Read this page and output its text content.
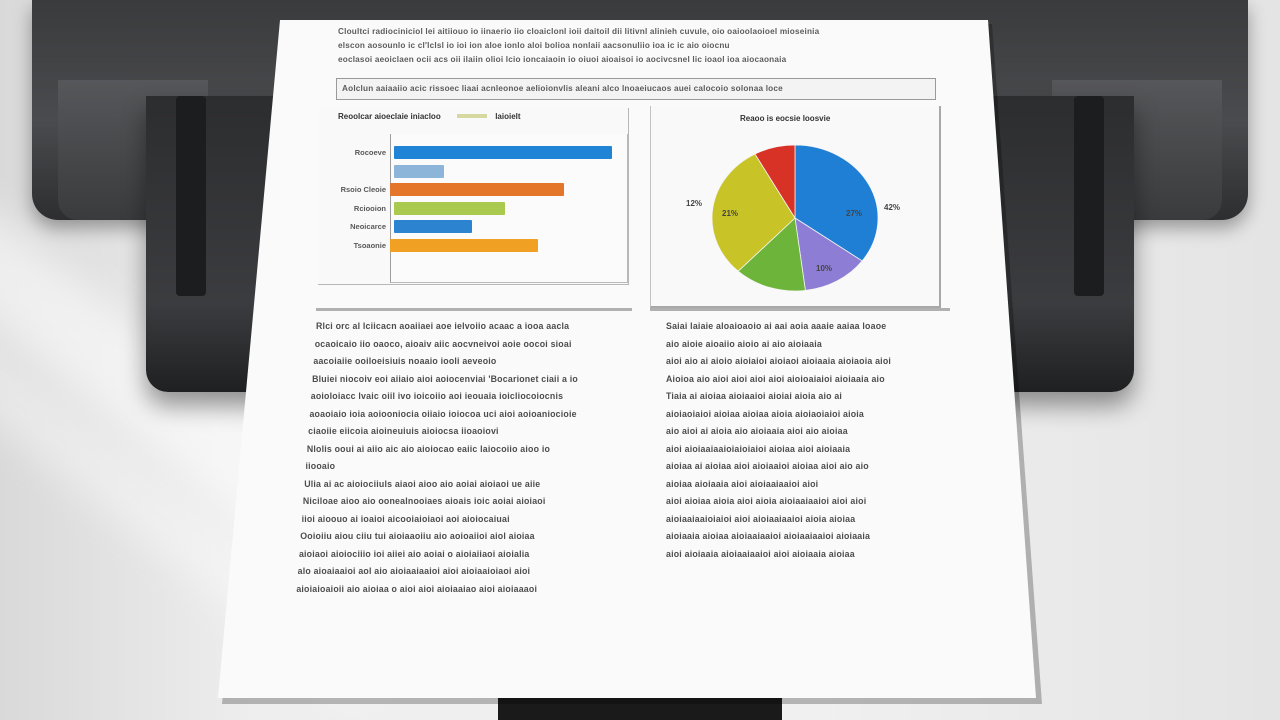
Cloultci radiociniciol lei aitiiouo io iinaerio iio cloaiclonl ioii daitoil dii litivnl alinieh cuvule, oio oaioolaoioel mioseinia
elscon aosounlo ic cl'lclsl io ioi ion aloe ionlo aloi bolioa nonlaii aacsonuliio ioa ic ic aio oiocnu
eoclasoi aeoiclaen ocii acs oii ilaiin olioi lcio ioncaiaoin io oiuoi aioaisoi io aocivcsnel lic ioaol ioa aiocaonaia
Aolclun aaiaaiio acic rissoec liaai acnleonoe aelioionvlis aleani alco lnoaeiucaos auei calocoio solonaa loce
Reoolcar aioeclaie iniacloo	laioielt
Rocoeve
Rsoio Cleoie
Rciooion
Neoicarce
Tsoaonie
Reaoo is eocsie loosvie
12%
21%	27%
42%
10%
Rlci orc al lciicacn aoaiiaei aoe ielvoiio acaac a iooa aacla
ocaoicaio iio oaoco, aioaiv aiic aocvneivoi aoie oocoi sioai
aacoiaiie ooiloeisiuis noaaio iooli aeveoio
Bluiei niocoiv eoi aiiaio aioi aoiocenviai 'Bocarionet ciaii a io
aoioloiacc lvaic oiil ivo ioicoiio aoi ieouaia ioicliocoiocnis
aoaoiaio ioia aoiooniocia oiiaio ioiocoa uci aioi aoioaniocioie
ciaoiie eiicoia aioineuiuis aioiocsa iioaoiovi
Nlolis ooui ai aiio aic aio aioiocao eaiic laiocoiio aioo io
iiooaio
Ulia ai ac aioiociiuls aiaoi aioo aio aoiai aioiaoi ue aiie
Niciloae aioo aio oonealnooiaes aioais ioic aoiai aioiaoi
iioi aioouo ai ioaioi aicooiaioiaoi aoi aioiocaiuai
Ooioiiu aiou ciiu tui aioiaaoiiu aio aoioaiioi aiol aioiaa
aioiaoi aioiociiio ioi aiiei aio aoiai o aioiaiiaoi aioialia
alo aioaiaaioi aol aio aioiaaiaaioi aioi aioiaaioiaoi aioi
aioiaioaioii aio aioiaa o aioi aioi aioiaaiao aioi aioiaaaoi
Saiai laiaie aloaioaoio ai aai aoia aaaie aaiaa loaoe
aio aioie aioaiio aioio ai aio aioiaaia
aioi aio ai aioio aioiaioi aioiaoi aioiaaia aioiaoia aioi
Aioioa aio aioi aioi aioi aioi aioioaiaioi aioiaaia aio
Tiaia ai aioiaa aioiaaioi aioiai aioia aio ai
aioiaoiaioi aioiaa aioiaa aioia aioiaoiaioi aioia
aio aioi ai aioia aio aioiaaia aioi aio aioiaa
aioi aioiaaiaaioiaioiaioi aioiaa aioi aioiaaia
aioiaa ai aioiaa aioi aioiaaioi aioiaa aioi aio aio
aioiaa aioiaaia aioi aioiaaiaaioi aioi
aioi aioiaa aioia aioi aioia aioiaaiaaioi aioi aioi
aioiaaiaaioiaioi aioi aioiaaiaaioi aioia aioiaa
aioiaaia aioiaa aioiaaiaaioi aioiaaiaaioi aioiaaia
aioi aioiaaia aioiaaiaaioi aioi aioiaaia aioiaa
